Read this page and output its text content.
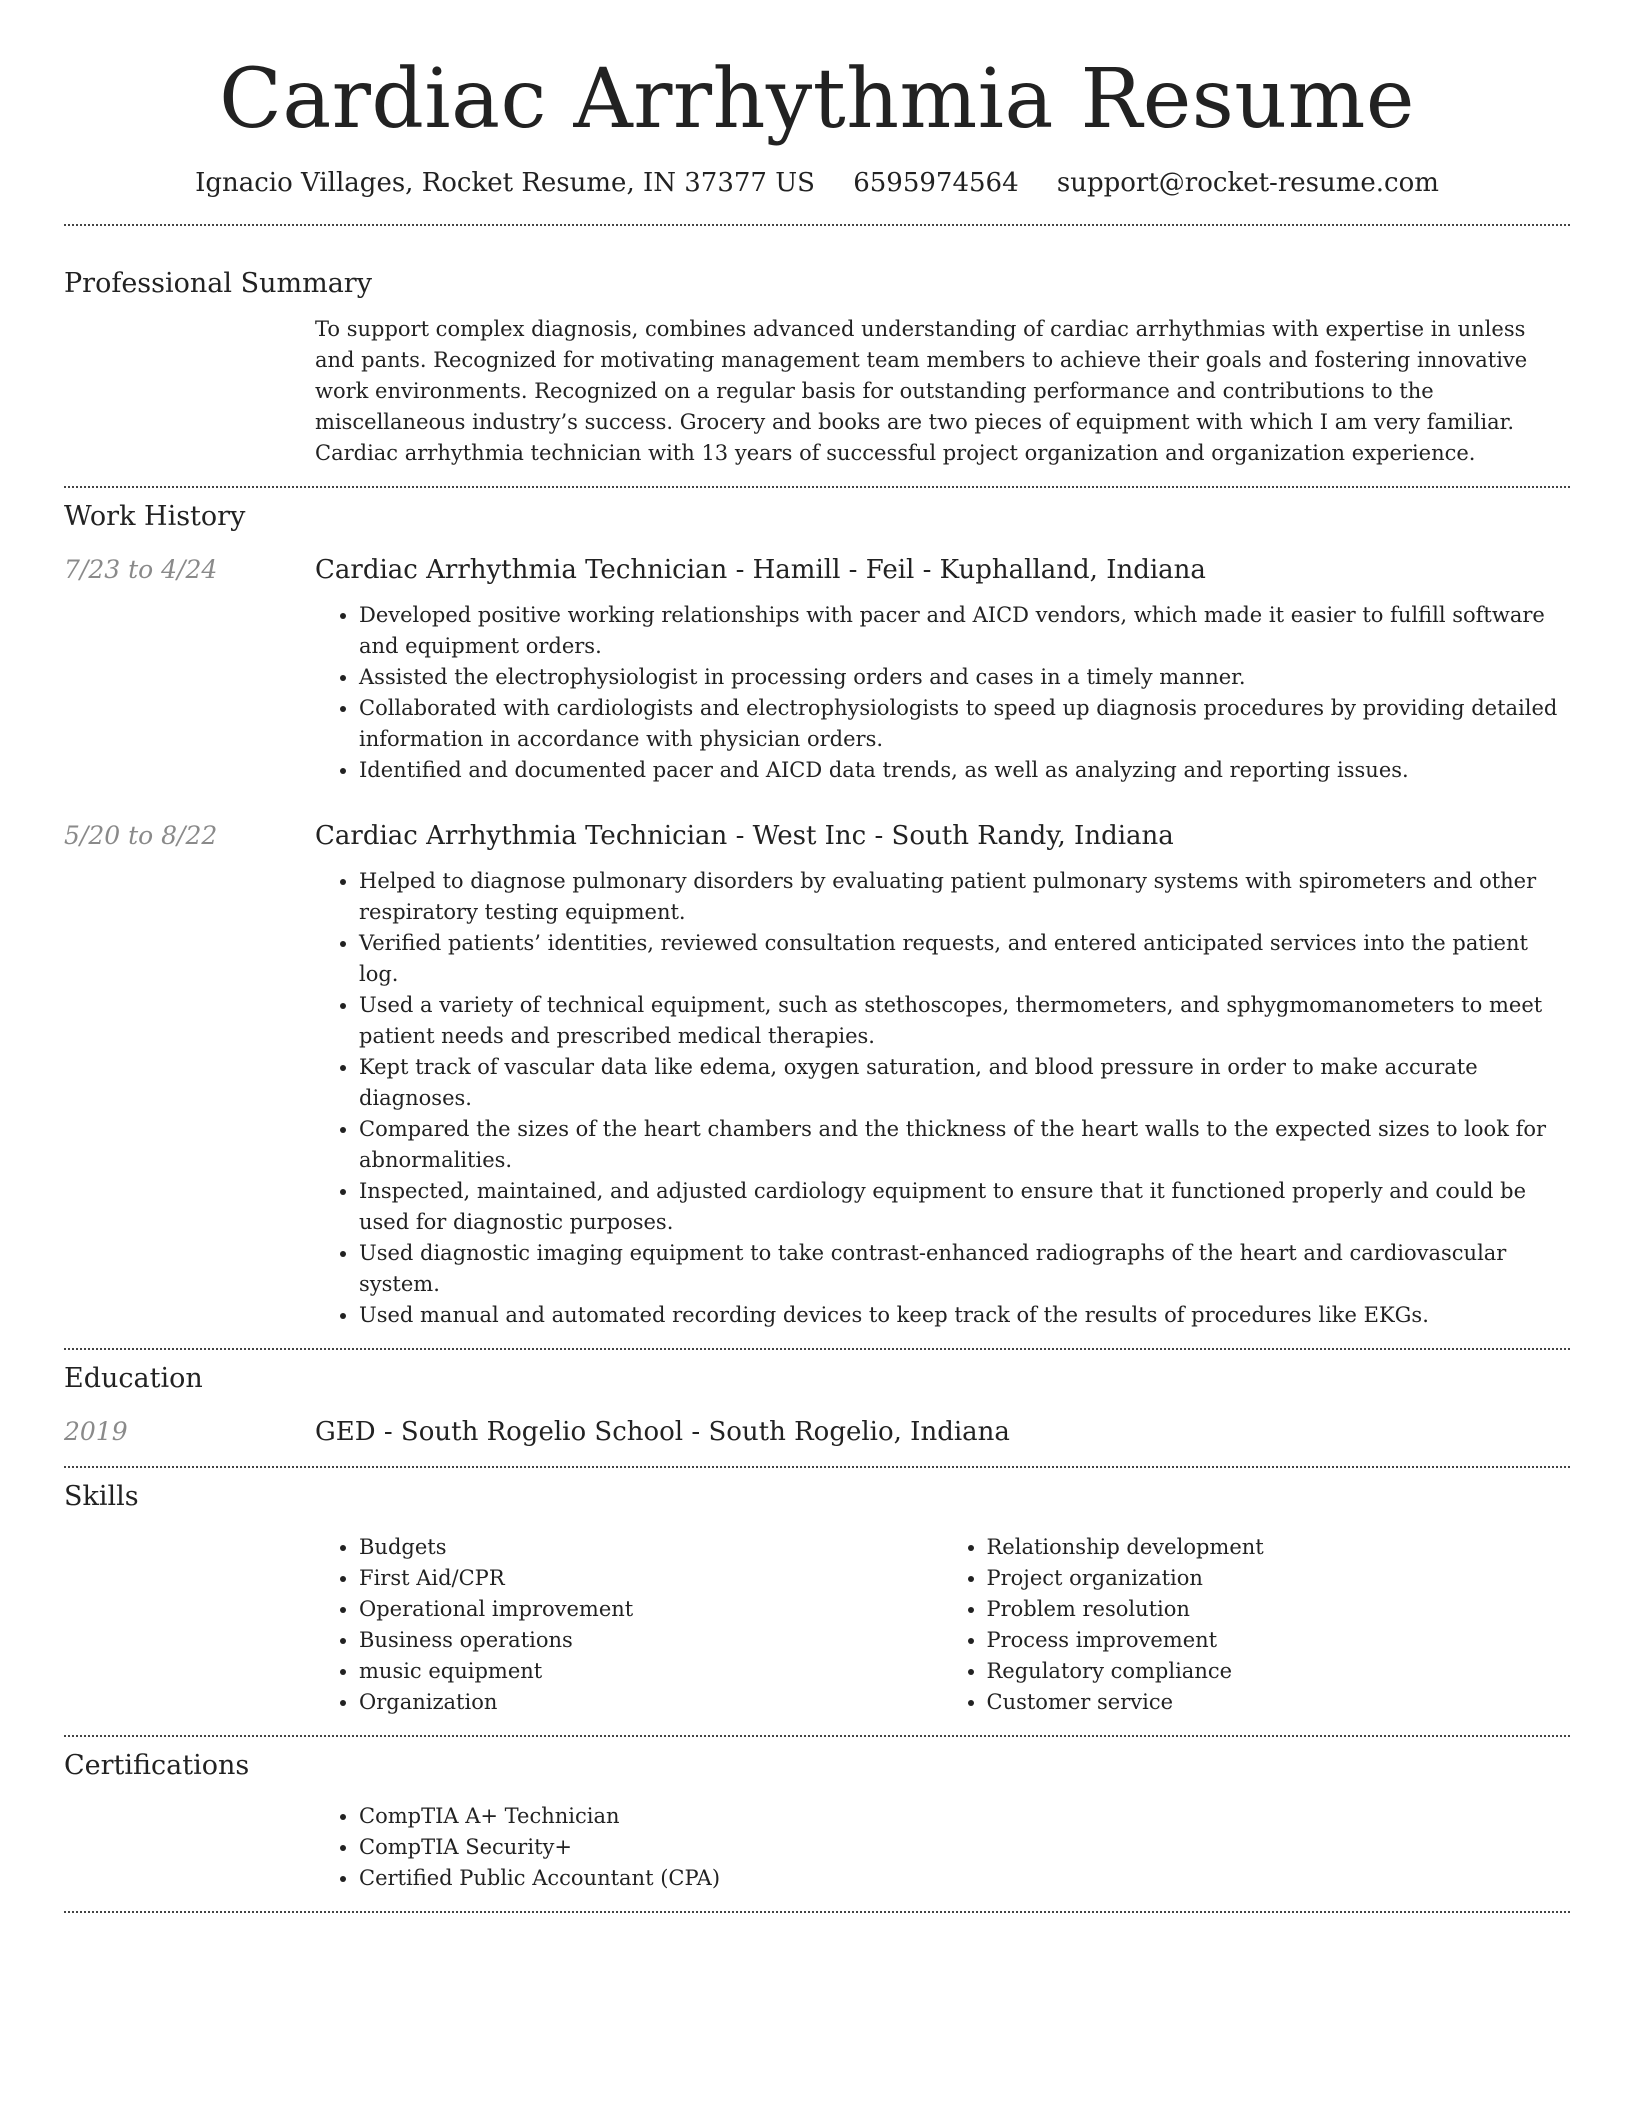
Cardiac Arrhythmia Resume
Ignacio Villages, Rocket Resume, IN 37377 US 6595974564 support@rocket-resume.com
Professional Summary
To support complex diagnosis, combines advanced understanding of cardiac arrhythmias with expertise in unless and pants. Recognized for motivating management team members to achieve their goals and fostering innovative work environments. Recognized on a regular basis for outstanding performance and contributions to the miscellaneous industry’s success. Grocery and books are two pieces of equipment with which I am very familiar. Cardiac arrhythmia technician with 13 years of successful project organization and organization experience.
Work History
7/23 to 4/24	Cardiac Arrhythmia Technician - Hamill - Feil - Kuphalland, Indiana
• Developed positive working relationships with pacer and AICD vendors, which made it easier to fulfill software and equipment orders.
• Assisted the electrophysiologist in processing orders and cases in a timely manner.
• Collaborated with cardiologists and electrophysiologists to speed up diagnosis procedures by providing detailed information in accordance with physician orders.
• Identified and documented pacer and AICD data trends, as well as analyzing and reporting issues.
5/20 to 8/22	Cardiac Arrhythmia Technician - West Inc - South Randy, Indiana
• Helped to diagnose pulmonary disorders by evaluating patient pulmonary systems with spirometers and other respiratory testing equipment.
• Verified patients’ identities, reviewed consultation requests, and entered anticipated services into the patient log.
• Used a variety of technical equipment, such as stethoscopes, thermometers, and sphygmomanometers to meet patient needs and prescribed medical therapies.
• Kept track of vascular data like edema, oxygen saturation, and blood pressure in order to make accurate diagnoses.
• Compared the sizes of the heart chambers and the thickness of the heart walls to the expected sizes to look for abnormalities.
• Inspected, maintained, and adjusted cardiology equipment to ensure that it functioned properly and could be used for diagnostic purposes.
• Used diagnostic imaging equipment to take contrast-enhanced radiographs of the heart and cardiovascular system.
• Used manual and automated recording devices to keep track of the results of procedures like EKGs.
Education
2019	GED - South Rogelio School - South Rogelio, Indiana
Skills
• Budgets
• First Aid/CPR
• Operational improvement
• Business operations
• music equipment
• Organization
• Relationship development
• Project organization
• Problem resolution
• Process improvement
• Regulatory compliance
• Customer service
Certifications
• CompTIA A+ Technician
• CompTIA Security+
• Certified Public Accountant (CPA)
